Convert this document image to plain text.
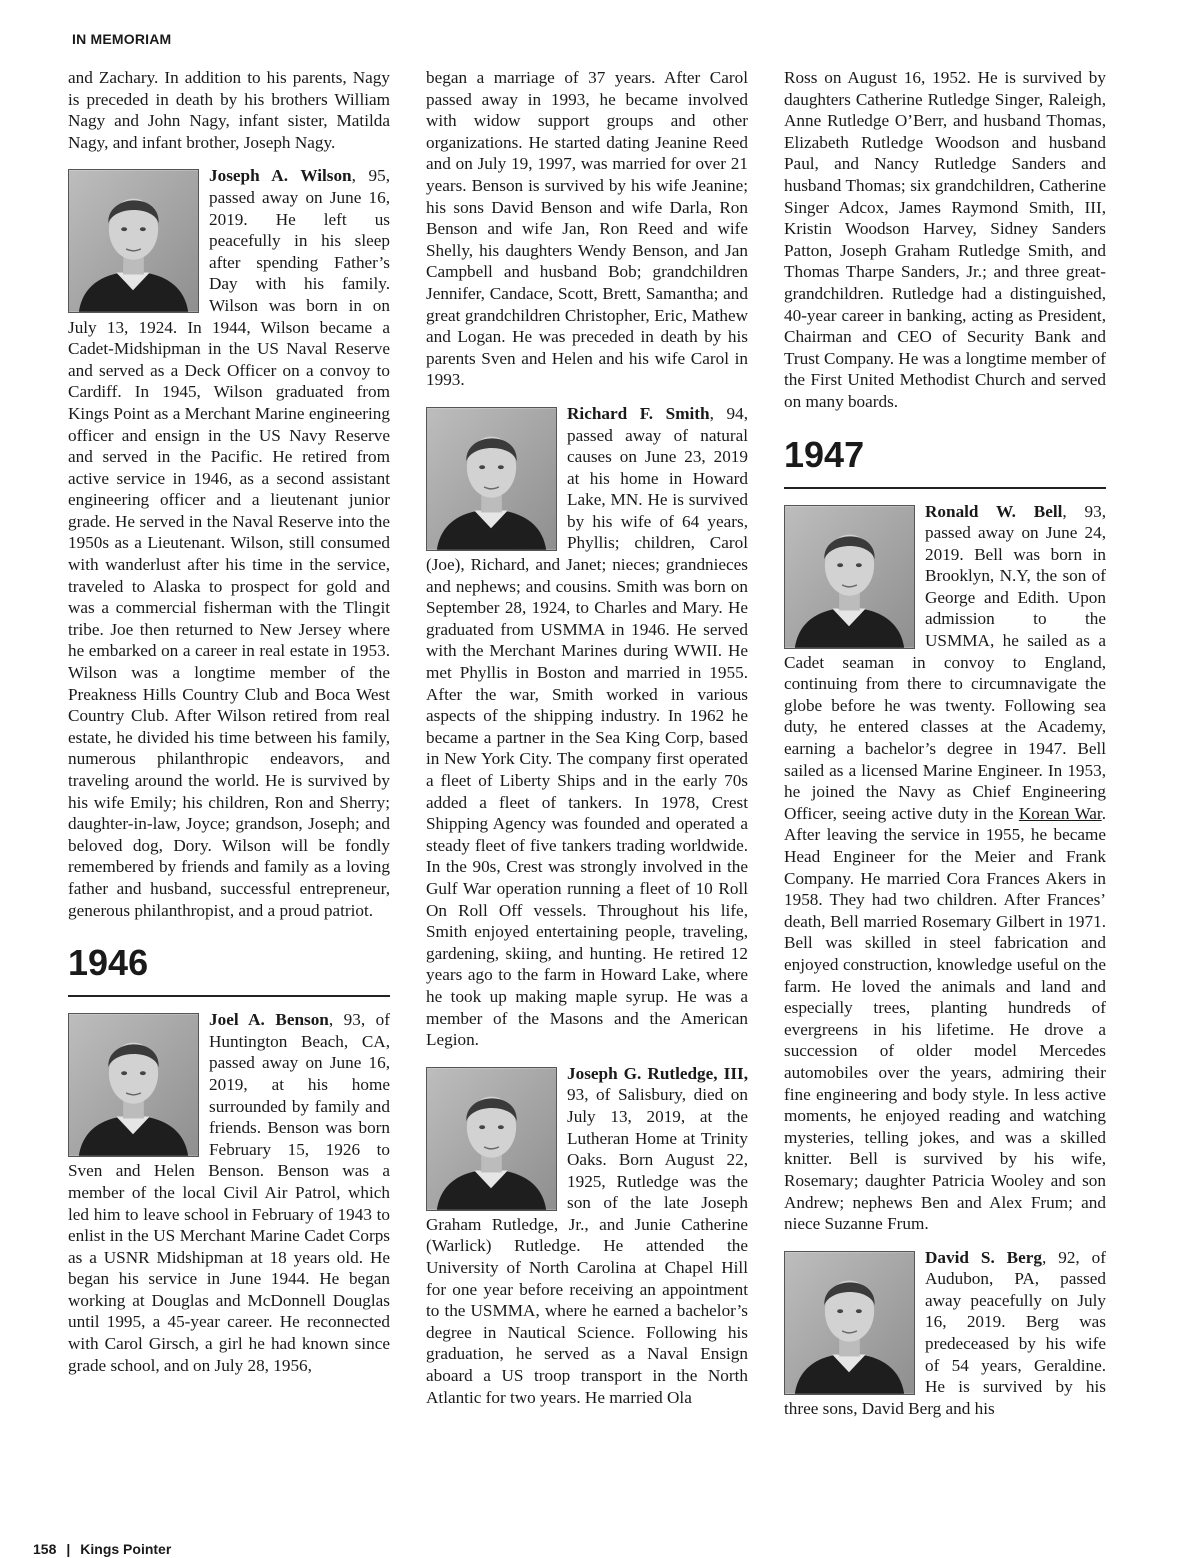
IN MEMORIAM

and Zachary. In addition to his parents, Nagy is preceded in death by his brothers William Nagy and John Nagy, infant sister, Matilda Nagy, and infant brother, Joseph Nagy.

Joseph A. Wilson, 95, passed away on June 16, 2019. He left us peacefully in his sleep after spending Father’s Day with his family. Wilson was born in on July 13, 1924. In 1944, Wilson became a Cadet-Midshipman in the US Naval Reserve and served as a Deck Officer on a convoy to Cardiff. In 1945, Wilson graduated from Kings Point as a Merchant Marine engineering officer and ensign in the US Navy Reserve and served in the Pacific. He retired from active service in 1946, as a second assistant engineering officer and a lieutenant junior grade. He served in the Naval Reserve into the 1950s as a Lieutenant. Wilson, still consumed with wanderlust after his time in the service, traveled to Alaska to prospect for gold and was a commercial fisherman with the Tlingit tribe. Joe then returned to New Jersey where he embarked on a career in real estate in 1953. Wilson was a longtime member of the Preakness Hills Country Club and Boca West Country Club. After Wilson retired from real estate, he divided his time between his family, numerous philanthropic endeavors, and traveling around the world. He is survived by his wife Emily; his children, Ron and Sherry; daughter-in-law, Joyce; grandson, Joseph; and beloved dog, Dory. Wilson will be fondly remembered by friends and family as a loving father and husband, successful entrepreneur, generous philanthropist, and a proud patriot.

1946

Joel A. Benson, 93, of Huntington Beach, CA, passed away on June 16, 2019, at his home surrounded by family and friends. Benson was born February 15, 1926 to Sven and Helen Benson. Benson was a member of the local Civil Air Patrol, which led him to leave school in February of 1943 to enlist in the US Merchant Marine Cadet Corps as a USNR Midshipman at 18 years old. He began his service in June 1944. He began working at Douglas and McDonnell Douglas until 1995, a 45-year career. He reconnected with Carol Girsch, a girl he had known since grade school, and on July 28, 1956,

began a marriage of 37 years. After Carol passed away in 1993, he became involved with widow support groups and other organizations. He started dating Jeanine Reed and on July 19, 1997, was married for over 21 years. Benson is survived by his wife Jeanine; his sons David Benson and wife Darla, Ron Benson and wife Jan, Ron Reed and wife Shelly, his daughters Wendy Benson, and Jan Campbell and husband Bob; grandchildren Jennifer, Candace, Scott, Brett, Samantha; and great grandchildren Christopher, Eric, Mathew and Logan. He was preceded in death by his parents Sven and Helen and his wife Carol in 1993.

Richard F. Smith, 94, passed away of natural causes on June 23, 2019 at his home in Howard Lake, MN. He is survived by his wife of 64 years, Phyllis; children, Carol (Joe), Richard, and Janet; nieces; grandnieces and nephews; and cousins. Smith was born on September 28, 1924, to Charles and Mary. He graduated from USMMA in 1946. He served with the Merchant Marines during WWII. He met Phyllis in Boston and married in 1955. After the war, Smith worked in various aspects of the shipping industry. In 1962 he became a partner in the Sea King Corp, based in New York City. The company first operated a fleet of Liberty Ships and in the early 70s added a fleet of tankers. In 1978, Crest Shipping Agency was founded and operated a steady fleet of five tankers trading worldwide. In the 90s, Crest was strongly involved in the Gulf War operation running a fleet of 10 Roll On Roll Off vessels. Throughout his life, Smith enjoyed entertaining people, traveling, gardening, skiing, and hunting. He retired 12 years ago to the farm in Howard Lake, where he took up making maple syrup. He was a member of the Masons and the American Legion.

Joseph G. Rutledge, III, 93, of Salisbury, died on July 13, 2019, at the Lutheran Home at Trinity Oaks. Born August 22, 1925, Rutledge was the son of the late Joseph Graham Rutledge, Jr., and Junie Catherine (Warlick) Rutledge. He attended the University of North Carolina at Chapel Hill for one year before receiving an appointment to the USMMA, where he earned a bachelor’s degree in Nautical Science. Following his graduation, he served as a Naval Ensign aboard a US troop transport in the North Atlantic for two years. He married Ola

Ross on August 16, 1952. He is survived by daughters Catherine Rutledge Singer, Raleigh, Anne Rutledge O’Berr, and husband Thomas, Elizabeth Rutledge Woodson and husband Paul, and Nancy Rutledge Sanders and husband Thomas; six grandchildren, Catherine Singer Adcox, James Raymond Smith, III, Kristin Woodson Harvey, Sidney Sanders Patton, Joseph Graham Rutledge Smith, and Thomas Tharpe Sanders, Jr.; and three great-grandchildren. Rutledge had a distinguished, 40-year career in banking, acting as President, Chairman and CEO of Security Bank and Trust Company. He was a longtime member of the First United Methodist Church and served on many boards.

1947

Ronald W. Bell, 93, passed away on June 24, 2019. Bell was born in Brooklyn, N.Y, the son of George and Edith. Upon admission to the USMMA, he sailed as a Cadet seaman in convoy to England, continuing from there to circumnavigate the globe before he was twenty. Following sea duty, he entered classes at the Academy, earning a bachelor’s degree in 1947. Bell sailed as a licensed Marine Engineer. In 1953, he joined the Navy as Chief Engineering Officer, seeing active duty in the Korean War. After leaving the service in 1955, he became Head Engineer for the Meier and Frank Company. He married Cora Frances Akers in 1958. They had two children. After Frances’ death, Bell married Rosemary Gilbert in 1971. Bell was skilled in steel fabrication and enjoyed construction, knowledge useful on the farm. He loved the animals and land and especially trees, planting hundreds of evergreens in his lifetime. He drove a succession of older model Mercedes automobiles over the years, admiring their fine engineering and body style. In less active moments, he enjoyed reading and watching mysteries, telling jokes, and was a skilled knitter. Bell is survived by his wife, Rosemary; daughter Patricia Wooley and son Andrew; nephews Ben and Alex Frum; and niece Suzanne Frum.

David S. Berg, 92, of Audubon, PA, passed away peacefully on July 16, 2019. Berg was predeceased by his wife of 54 years, Geraldine. He is survived by his three sons, David Berg and his

158 | Kings Pointer
